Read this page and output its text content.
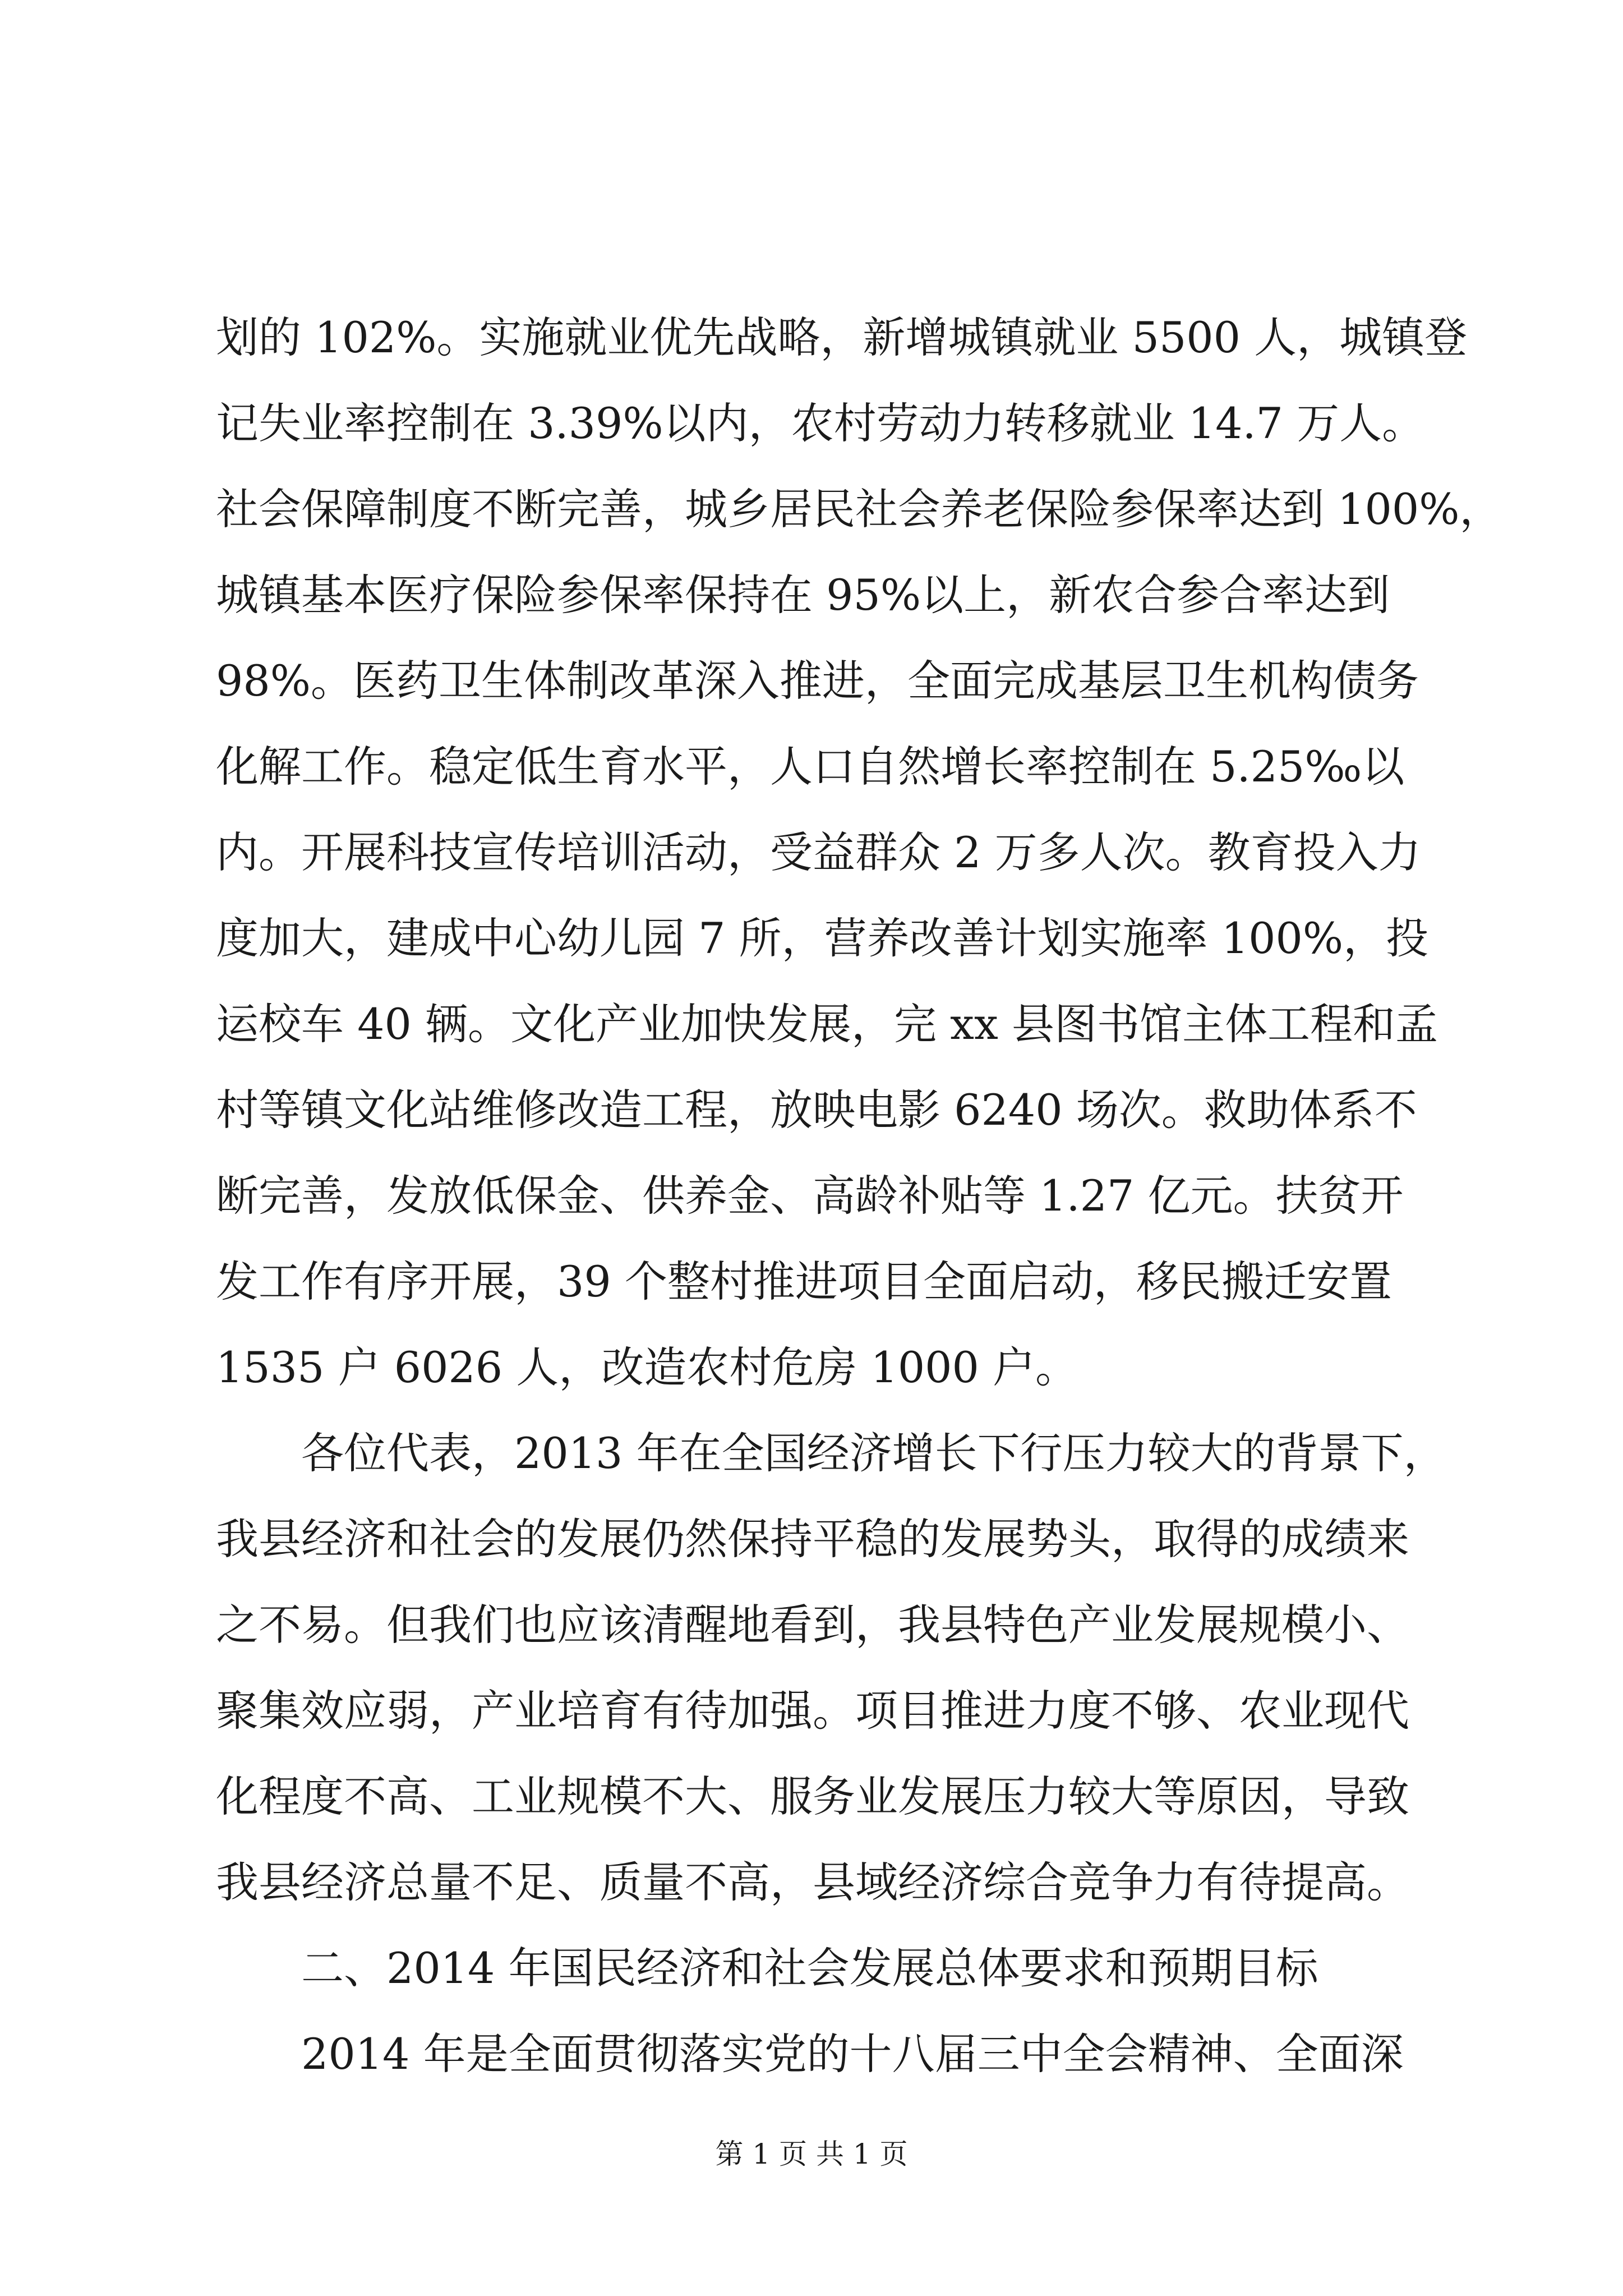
划的 102%。实施就业优先战略，新增城镇就业 5500 人，城镇登
记失业率控制在 3.39%以内，农村劳动力转移就业 14.7 万人。
社会保障制度不断完善，城乡居民社会养老保险参保率达到 100%，
城镇基本医疗保险参保率保持在 95%以上，新农合参合率达到
98%。医药卫生体制改革深入推进，全面完成基层卫生机构债务
化解工作。稳定低生育水平，人口自然增长率控制在 5.25‰以
内。开展科技宣传培训活动，受益群众 2 万多人次。教育投入力
度加大，建成中心幼儿园 7 所，营养改善计划实施率 100%，投
运校车 40 辆。文化产业加快发展，完 xx 县图书馆主体工程和孟
村等镇文化站维修改造工程，放映电影 6240 场次。救助体系不
断完善，发放低保金、供养金、高龄补贴等 1.27 亿元。扶贫开
发工作有序开展，39 个整村推进项目全面启动，移民搬迁安置
1535 户 6026 人，改造农村危房 1000 户。
　　各位代表，2013 年在全国经济增长下行压力较大的背景下，
我县经济和社会的发展仍然保持平稳的发展势头，取得的成绩来
之不易。但我们也应该清醒地看到，我县特色产业发展规模小、
聚集效应弱，产业培育有待加强。项目推进力度不够、农业现代
化程度不高、工业规模不大、服务业发展压力较大等原因，导致
我县经济总量不足、质量不高，县域经济综合竞争力有待提高。
　　二、2014 年国民经济和社会发展总体要求和预期目标
　　2014 年是全面贯彻落实党的十八届三中全会精神、全面深
第 1 页 共 1 页
